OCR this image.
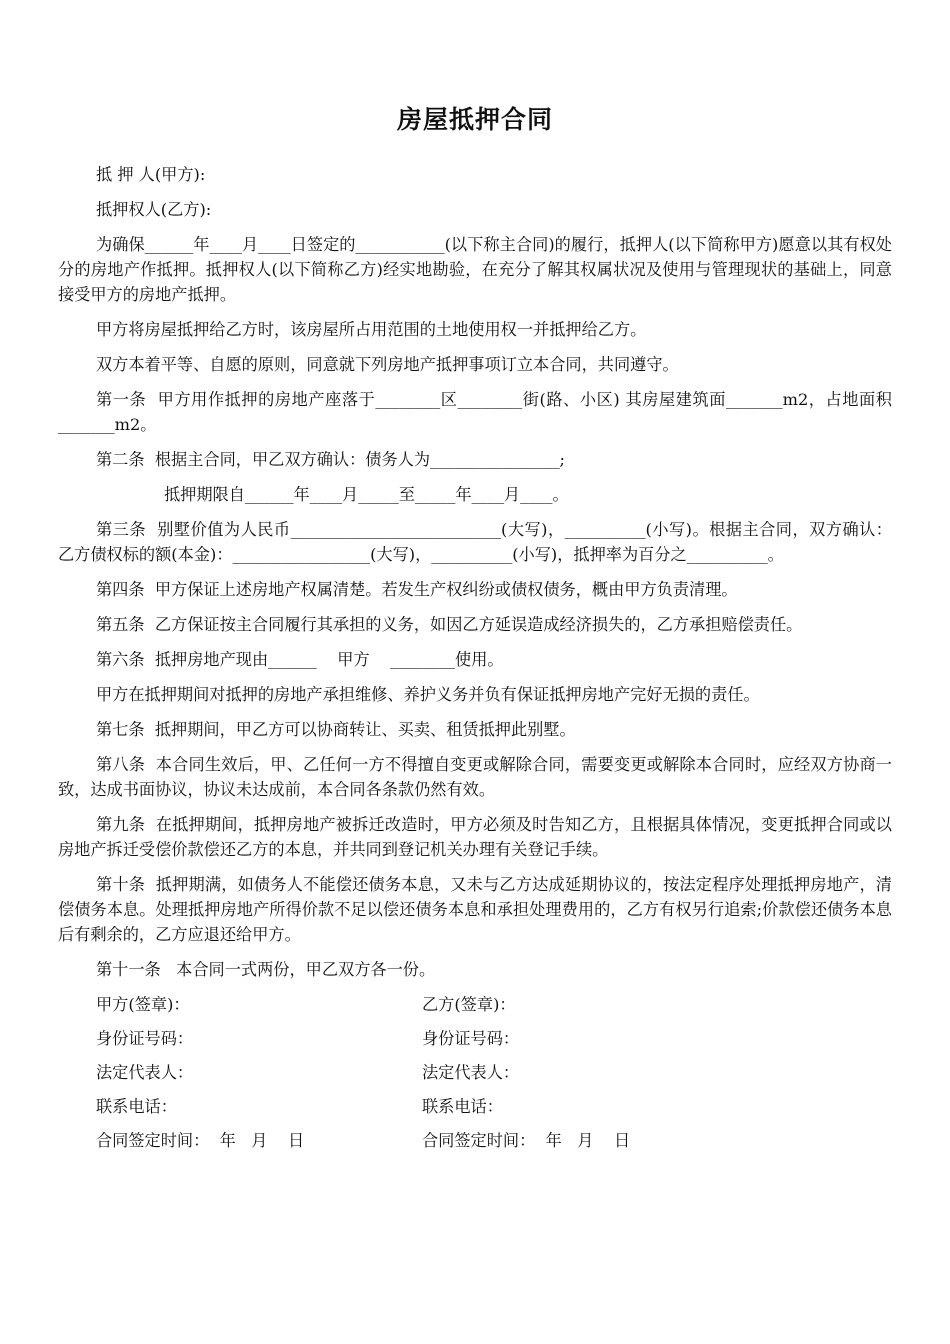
房屋抵押合同

抵 押 人(甲方):

抵押权人(乙方):

为确保______年____月____日签定的___________(以下称主合同)的履行，抵押人(以下简称甲方)愿意以其有权处分的房地产作抵押。抵押权人(以下简称乙方)经实地勘验，在充分了解其权属状况及使用与管理现状的基础上，同意接受甲方的房地产抵押。

甲方将房屋抵押给乙方时，该房屋所占用范围的土地使用权一并抵押给乙方。

双方本着平等、自愿的原则，同意就下列房地产抵押事项订立本合同，共同遵守。

第一条  甲方用作抵押的房地产座落于________区________街(路、小区) 其房屋建筑面_______m2，占地面积_______m2。

第二条  根据主合同，甲乙双方确认：债务人为________________;

抵押期限自______年____月_____至_____年____月____。

第三条  别墅价值为人民币__________________________(大写)，__________(小写)。根据主合同，双方确认：乙方债权标的额(本金)：_________________(大写)，__________(小写)，抵押率为百分之__________。

第四条  甲方保证上述房地产权属清楚。若发生产权纠纷或债权债务，概由甲方负责清理。

第五条  乙方保证按主合同履行其承担的义务，如因乙方延误造成经济损失的，乙方承担赔偿责任。

第六条  抵押房地产现由______    甲方    ________使用。

甲方在抵押期间对抵押的房地产承担维修、养护义务并负有保证抵押房地产完好无损的责任。

第七条  抵押期间，甲乙方可以协商转让、买卖、租赁抵押此别墅。

第八条  本合同生效后，甲、乙任何一方不得擅自变更或解除合同，需要变更或解除本合同时，应经双方协商一致，达成书面协议，协议未达成前，本合同各条款仍然有效。

第九条  在抵押期间，抵押房地产被拆迁改造时，甲方必须及时告知乙方，且根据具体情况，变更抵押合同或以房地产拆迁受偿价款偿还乙方的本息，并共同到登记机关办理有关登记手续。

第十条  抵押期满，如债务人不能偿还债务本息，又未与乙方达成延期协议的，按法定程序处理抵押房地产，清偿债务本息。处理抵押房地产所得价款不足以偿还债务本息和承担处理费用的，乙方有权另行追索;价款偿还债务本息后有剩余的，乙方应退还给甲方。

第十一条   本合同一式两份，甲乙双方各一份。

甲方(签章)：	乙方(签章)：
身份证号码：	身份证号码：
法定代表人：	法定代表人：
联系电话：	联系电话：
合同签定时间：  年   月    日	合同签定时间：  年   月    日
